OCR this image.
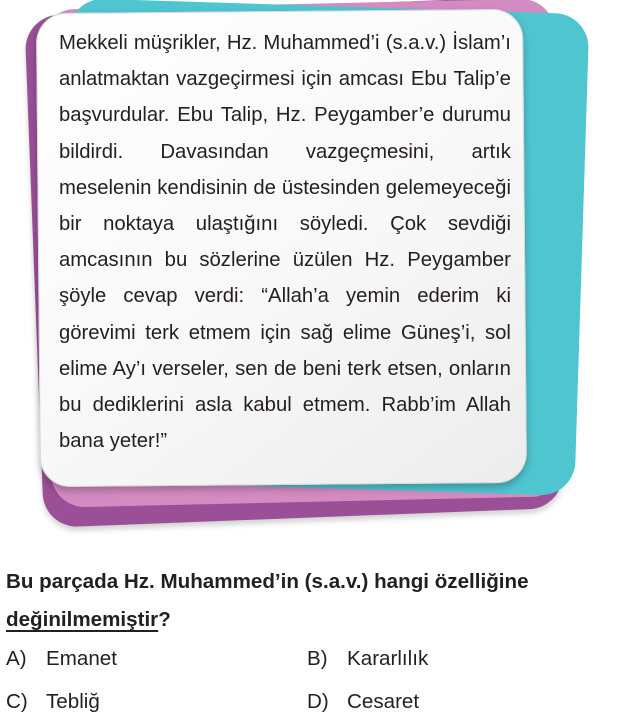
Mekkeli müşrikler, Hz. Muhammed’i (s.a.v.) İslam’ı anlatmaktan vazgeçirmesi için amcası Ebu Talip’e başvurdular. Ebu Talip, Hz. Peygamber’e durumu bildirdi. Davasından vazgeçmesini, artık meselenin kendisinin de üstesinden gelemeyeceği bir noktaya ulaştığını söyledi. Çok sevdiği amcasının bu sözlerine üzülen Hz. Peygamber şöyle cevap verdi: “Allah’a yemin ederim ki görevimi terk etmem için sağ elime Güneş’i, sol elime Ay’ı verseler, sen de beni terk etsen, onların bu dediklerini asla kabul etmem. Rabb’im Allah bana yeter!”

Bu parçada Hz. Muhammed’in (s.a.v.) hangi özelliğine değinilmemiştir?

A) Emanet	B) Kararlılık
C) Tebliğ	D) Cesaret
